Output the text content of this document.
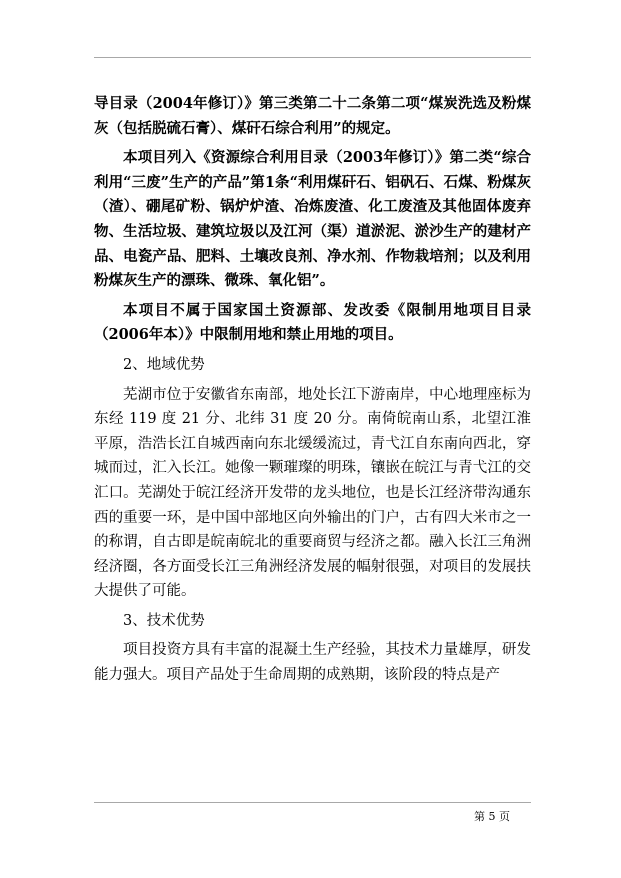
导目录（2004年修订）》第三类第二十二条第二项“煤炭洗选及粉煤灰（包括脱硫石膏）、煤矸石综合利用”的规定。

本项目列入《资源综合利用目录（2003年修订）》第二类“综合利用“三废”生产的产品”第1条“利用煤矸石、铝矾石、石煤、粉煤灰（渣）、硼尾矿粉、锅炉炉渣、冶炼废渣、化工废渣及其他固体废弃物、生活垃圾、建筑垃圾以及江河（渠）道淤泥、淤沙生产的建材产品、电瓷产品、肥料、土壤改良剂、净水剂、作物栽培剂；以及利用粉煤灰生产的漂珠、微珠、氧化铝”。

本项目不属于国家国土资源部、发改委《限制用地项目目录（2006年本）》中限制用地和禁止用地的项目。

2、地域优势

芜湖市位于安徽省东南部，地处长江下游南岸，中心地理座标为东经 119 度 21 分、北纬 31 度 20 分。南倚皖南山系，北望江淮平原，浩浩长江自城西南向东北缓缓流过，青弋江自东南向西北，穿城而过，汇入长江。她像一颗璀璨的明珠，镶嵌在皖江与青弋江的交汇口。芜湖处于皖江经济开发带的龙头地位，也是长江经济带沟通东西的重要一环，是中国中部地区向外输出的门户，古有四大米市之一的称谓，自古即是皖南皖北的重要商贸与经济之都。融入长江三角洲经济圈，各方面受长江三角洲经济发展的幅射很强，对项目的发展扶大提供了可能。

3、技术优势

项目投资方具有丰富的混凝土生产经验，其技术力量雄厚，研发能力强大。项目产品处于生命周期的成熟期，该阶段的特点是产

第 5 页
